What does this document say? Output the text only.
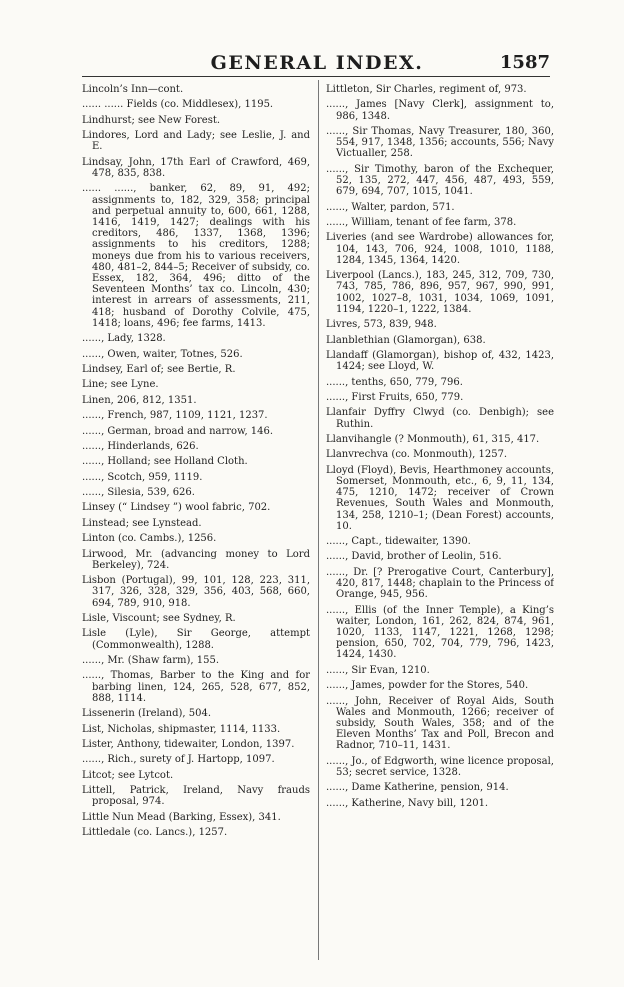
GENERAL INDEX.	1587

Lincoln’s Inn—cont.

...... ...... Fields (co. Middlesex), 1195.

Lindhurst; see New Forest.

Lindores, Lord and Lady; see Leslie, J. and E.

Lindsay, John, 17th Earl of Crawford, 469, 478, 835, 838.

...... ......, banker, 62, 89, 91, 492; assignments to, 182, 329, 358; principal and perpetual annuity to, 600, 661, 1288, 1416, 1419, 1427; dealings with his creditors, 486, 1337, 1368, 1396; assignments to his creditors, 1288; moneys due from his to various receivers, 480, 481–2, 844–5; Receiver of subsidy, co. Essex, 182, 364, 496; ditto of the Seventeen Months’ tax co. Lincoln, 430; interest in arrears of assessments, 211, 418; husband of Dorothy Colvile, 475, 1418; loans, 496; fee farms, 1413.

......, Lady, 1328.

......, Owen, waiter, Totnes, 526.

Lindsey, Earl of; see Bertie, R.

Line; see Lyne.

Linen, 206, 812, 1351.

......, French, 987, 1109, 1121, 1237.

......, German, broad and narrow, 146.

......, Hinderlands, 626.

......, Holland; see Holland Cloth.

......, Scotch, 959, 1119.

......, Silesia, 539, 626.

Linsey (“ Lindsey ”) wool fabric, 702.

Linstead; see Lynstead.

Linton (co. Cambs.), 1256.

Lirwood, Mr. (advancing money to Lord Berkeley), 724.

Lisbon (Portugal), 99, 101, 128, 223, 311, 317, 326, 328, 329, 356, 403, 568, 660, 694, 789, 910, 918.

Lisle, Viscount; see Sydney, R.

Lisle (Lyle), Sir George, attempt (Commonwealth), 1288.

......, Mr. (Shaw farm), 155.

......, Thomas, Barber to the King and for barbing linen, 124, 265, 528, 677, 852, 888, 1114.

Lissenerin (Ireland), 504.

List, Nicholas, shipmaster, 1114, 1133.

Lister, Anthony, tidewaiter, London, 1397.

......, Rich., surety of J. Hartopp, 1097.

Litcot; see Lytcot.

Littell, Patrick, Ireland, Navy frauds proposal, 974.

Little Nun Mead (Barking, Essex), 341.

Littledale (co. Lancs.), 1257.

Littleton, Sir Charles, regiment of, 973.

......, James [Navy Clerk], assignment to, 986, 1348.

......, Sir Thomas, Navy Treasurer, 180, 360, 554, 917, 1348, 1356; accounts, 556; Navy Victualler, 258.

......, Sir Timothy, baron of the Exchequer, 52, 135, 272, 447, 456, 487, 493, 559, 679, 694, 707, 1015, 1041.

......, Walter, pardon, 571.

......, William, tenant of fee farm, 378.

Liveries (and see Wardrobe) allowances for, 104, 143, 706, 924, 1008, 1010, 1188, 1284, 1345, 1364, 1420.

Liverpool (Lancs.), 183, 245, 312, 709, 730, 743, 785, 786, 896, 957, 967, 990, 991, 1002, 1027–8, 1031, 1034, 1069, 1091, 1194, 1220–1, 1222, 1384.

Livres, 573, 839, 948.

Llanblethian (Glamorgan), 638.

Llandaff (Glamorgan), bishop of, 432, 1423, 1424; see Lloyd, W.

......, tenths, 650, 779, 796.

......, First Fruits, 650, 779.

Llanfair Dyffry Clwyd (co. Denbigh); see Ruthin.

Llanvihangle (? Monmouth), 61, 315, 417.

Llanvrechva (co. Monmouth), 1257.

Lloyd (Floyd), Bevis, Hearthmoney accounts, Somerset, Monmouth, etc., 6, 9, 11, 134, 475, 1210, 1472; receiver of Crown Revenues, South Wales and Monmouth, 134, 258, 1210–1; (Dean Forest) accounts, 10.

......, Capt., tidewaiter, 1390.

......, David, brother of Leolin, 516.

......, Dr. [? Prerogative Court, Canterbury], 420, 817, 1448; chaplain to the Princess of Orange, 945, 956.

......, Ellis (of the Inner Temple), a King’s waiter, London, 161, 262, 824, 874, 961, 1020, 1133, 1147, 1221, 1268, 1298; pension, 650, 702, 704, 779, 796, 1423, 1424, 1430.

......, Sir Evan, 1210.

......, James, powder for the Stores, 540.

......, John, Receiver of Royal Aids, South Wales and Monmouth, 1266; receiver of subsidy, South Wales, 358; and of the Eleven Months’ Tax and Poll, Brecon and Radnor, 710–11, 1431.

......, Jo., of Edgworth, wine licence proposal, 53; secret service, 1328.

......, Dame Katherine, pension, 914.

......, Katherine, Navy bill, 1201.
